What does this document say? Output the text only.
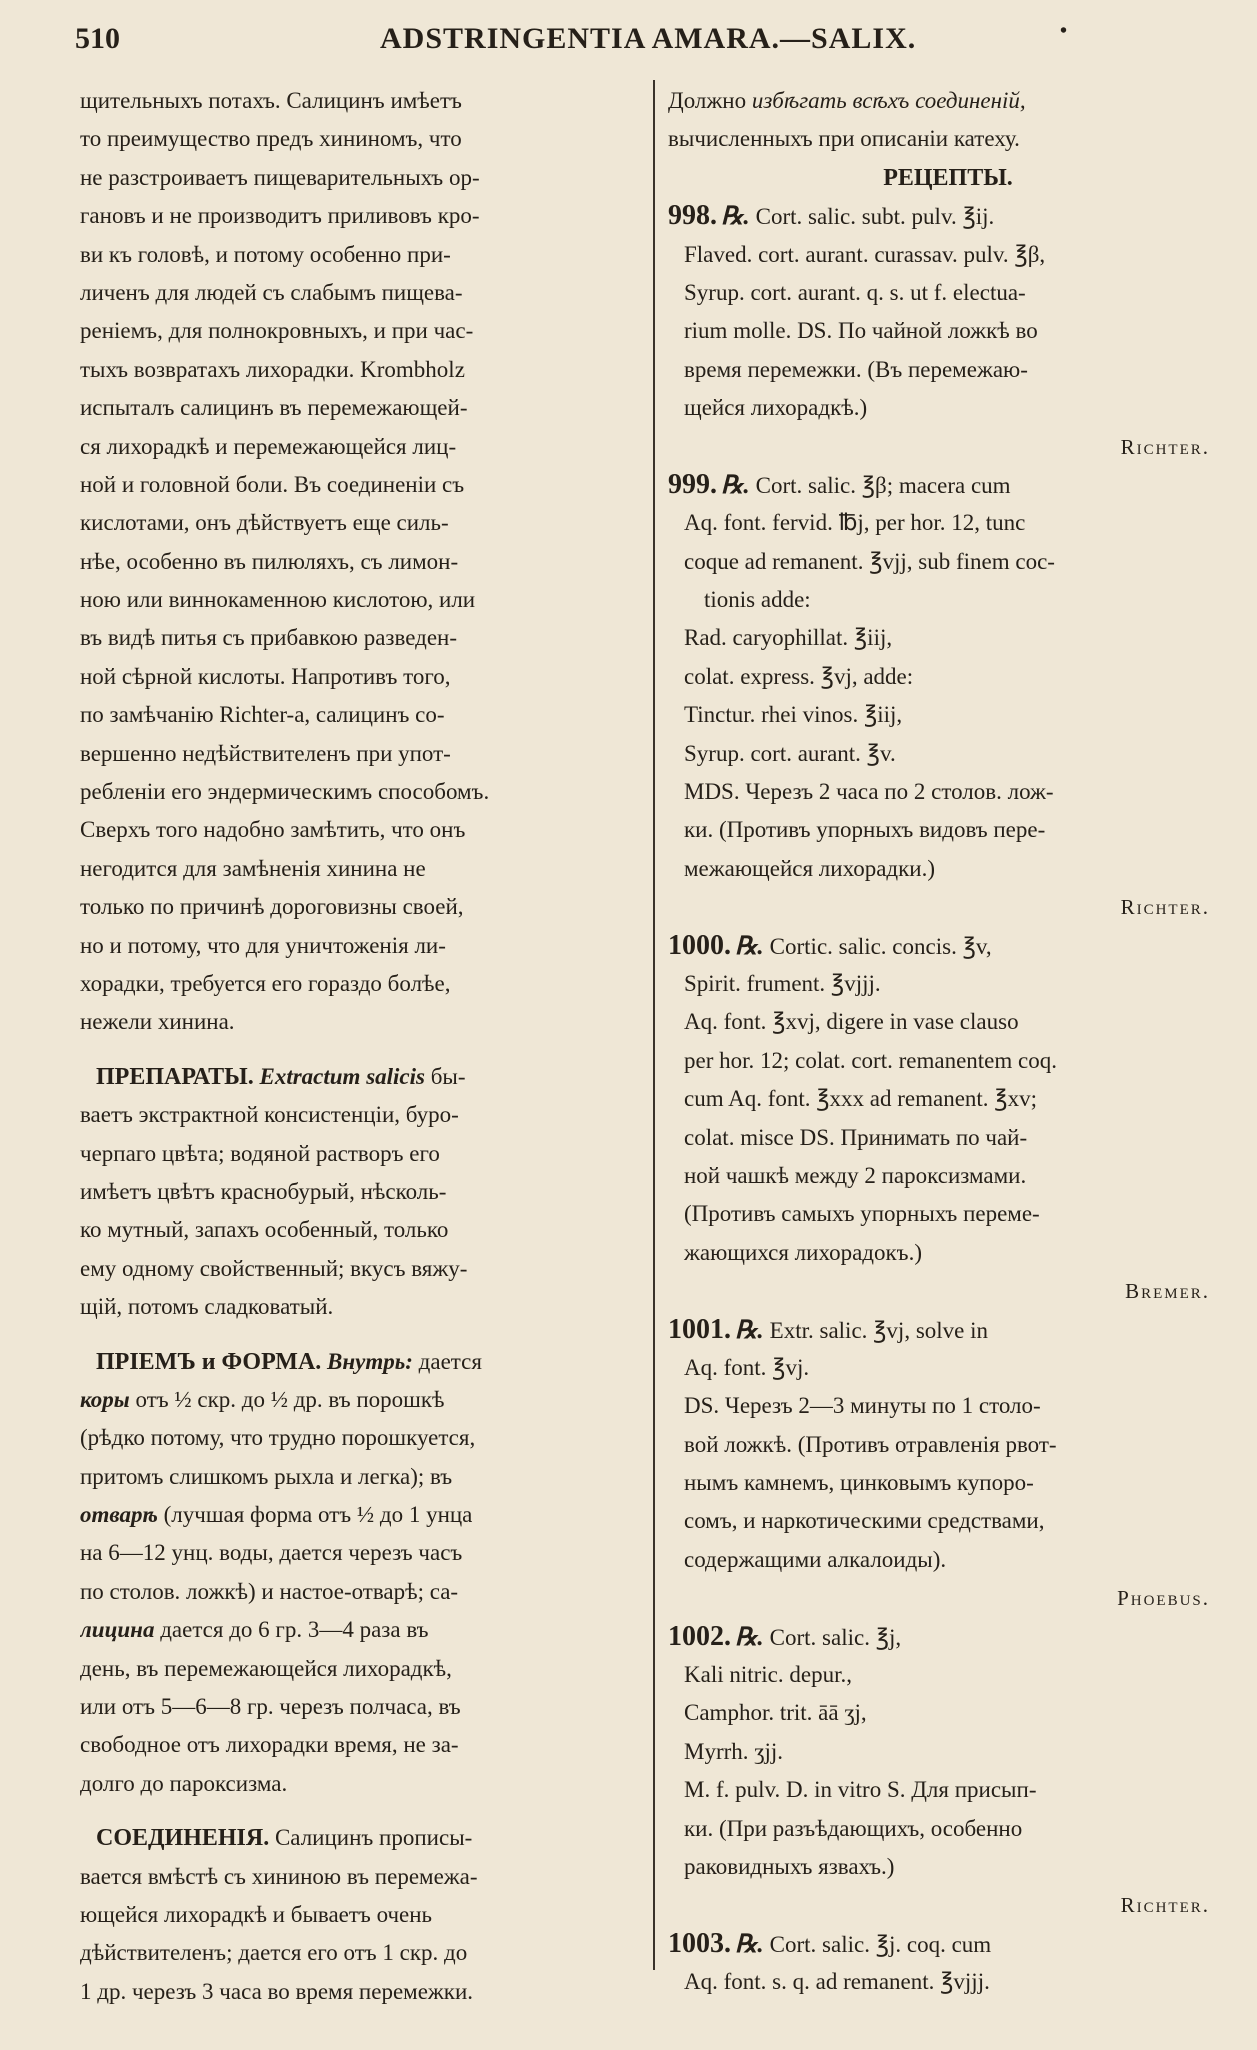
510	ADSTRINGENTIA AMARA.—SALIX.	•
щительныхъ потахъ. Салицинъ имѣетъ
то преимущество предъ хининомъ, что
не разстроиваетъ пищеварительныхъ ор-
гановъ и не производитъ приливовъ кро-
ви къ головѣ, и потому особенно при-
личенъ для людей съ слабымъ пищева-
реніемъ, для полнокровныхъ, и при час-
тыхъ возвратахъ лихорадки. Krombholz
испыталъ салицинъ въ перемежающей-
ся лихорадкѣ и перемежающейся лиц-
ной и головной боли. Въ соединеніи съ
кислотами, онъ дѣйствуетъ еще силь-
нѣе, особенно въ пилюляхъ, съ лимон-
ною или виннокаменною кислотою, или
въ видѣ питья съ прибавкою разведен-
ной сѣрной кислоты. Напротивъ того,
по замѣчанію Richter-а, салицинъ со-
вершенно недѣйствителенъ при упот-
ребленіи его эндермическимъ способомъ.
Сверхъ того надобно замѣтить, что онъ
негодится для замѣненія хинина не
только по причинѣ дороговизны своей,
но и потому, что для уничтоженія ли-
хорадки, требуется его гораздо болѣе,
нежели хинина.
ПРЕПАРАТЫ. Extractum salicis бы-
ваетъ экстрактной консистенціи, буро-
черпаго цвѣта; водяной растворъ его
имѣетъ цвѣтъ краснобурый, нѣсколь-
ко мутный, запахъ особенный, только
ему одному свойственный; вкусъ вяжу-
щій, потомъ сладковатый.
ПРІЕМЪ и ФОРМА. Внутрь: дается
коры отъ ½ скр. до ½ др. въ порошкѣ
(рѣдко потому, что трудно порошкуется,
притомъ слишкомъ рыхла и легка); въ
отварѣ (лучшая форма отъ ½ до 1 унца
на 6—12 унц. воды, дается черезъ часъ
по столов. ложкѣ) и настое-отварѣ; са-
лицина дается до 6 гр. 3—4 раза въ
день, въ перемежающейся лихорадкѣ,
или отъ 5—6—8 гр. черезъ полчаса, въ
свободное отъ лихорадки время, не за-
долго до пароксизма.
СОЕДИНЕНІЯ. Салицинъ прописы-
вается вмѣстѣ съ хининою въ перемежа-
ющейся лихорадкѣ и бываетъ очень
дѣйствителенъ; дается его отъ 1 скр. до
1 др. черезъ 3 часа во время перемежки.
Должно избѣгать всѣхъ соединеній,
вычисленныхъ при описаніи катеху.
РЕЦЕПТЫ.
998. ℞. Cort. salic. subt. pulv. ℥ij.
Flaved. cort. aurant. curassav. pulv. ℥β,
Syrup. cort. aurant. q. s. ut f. electua-
rium molle. DS. По чайной ложкѣ во
время перемежки. (Въ перемежаю-
щейся лихорадкѣ.)
Richter.
999. ℞. Cort. salic. ℥β; macera cum
Aq. font. fervid. ℔j, per hor. 12, tunc
coque ad remanent. ℥vjj, sub finem coc-
tionis adde:
Rad. caryophillat. ℥iij,
colat. express. ℥vj, adde:
Tinctur. rhei vinos. ℥iij,
Syrup. cort. aurant. ℥v.
MDS. Черезъ 2 часа по 2 столов. лож-
ки. (Противъ упорныхъ видовъ пере-
межающейся лихорадки.)
Richter.
1000. ℞. Cortic. salic. concis. ℥v,
Spirit. frument. ℥vjjj.
Aq. font. ℥xvj, digere in vase clauso
per hor. 12; colat. cort. remanentem coq.
cum Aq. font. ℥xxx ad remanent. ℥xv;
colat. misce DS. Принимать по чай-
ной чашкѣ между 2 пароксизмами.
(Противъ самыхъ упорныхъ переме-
жающихся лихорадокъ.)
Bremer.
1001. ℞. Extr. salic. ℥vj, solve in
Aq. font. ℥vj.
DS. Черезъ 2—3 минуты по 1 столо-
вой ложкѣ. (Противъ отравленія рвот-
нымъ камнемъ, цинковымъ купоро-
сомъ, и наркотическими средствами,
содержащими алкалоиды).
Phoebus.
1002. ℞. Cort. salic. ℥j,
Kali nitric. depur.,
Camphor. trit. āā ʒj,
Myrrh. ʒjj.
M. f. pulv. D. in vitro S. Для присып-
ки. (При разъѣдающихъ, особенно
раковидныхъ язвахъ.)
Richter.
1003. ℞. Cort. salic. ℥j. coq. cum
Aq. font. s. q. ad remanent. ℥vjjj.
